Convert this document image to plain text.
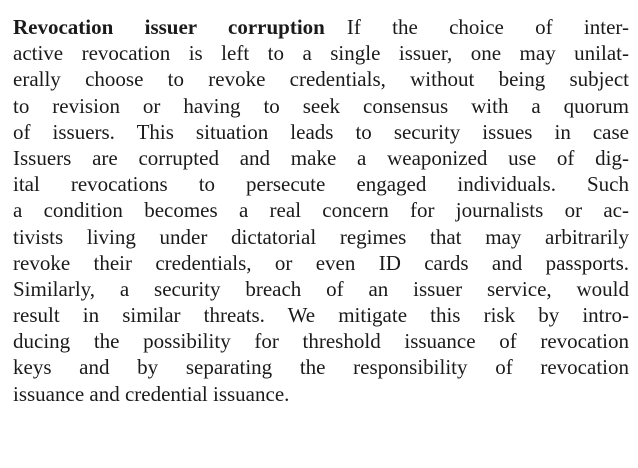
Revocation issuer corruption If the choice of inter-
active revocation is left to a single issuer, one may unilat-
erally choose to revoke credentials, without being subject
to revision or having to seek consensus with a quorum
of issuers. This situation leads to security issues in case
Issuers are corrupted and make a weaponized use of dig-
ital revocations to persecute engaged individuals. Such
a condition becomes a real concern for journalists or ac-
tivists living under dictatorial regimes that may arbitrarily
revoke their credentials, or even ID cards and passports.
Similarly, a security breach of an issuer service, would
result in similar threats. We mitigate this risk by intro-
ducing the possibility for threshold issuance of revocation
keys and by separating the responsibility of revocation
issuance and credential issuance.
